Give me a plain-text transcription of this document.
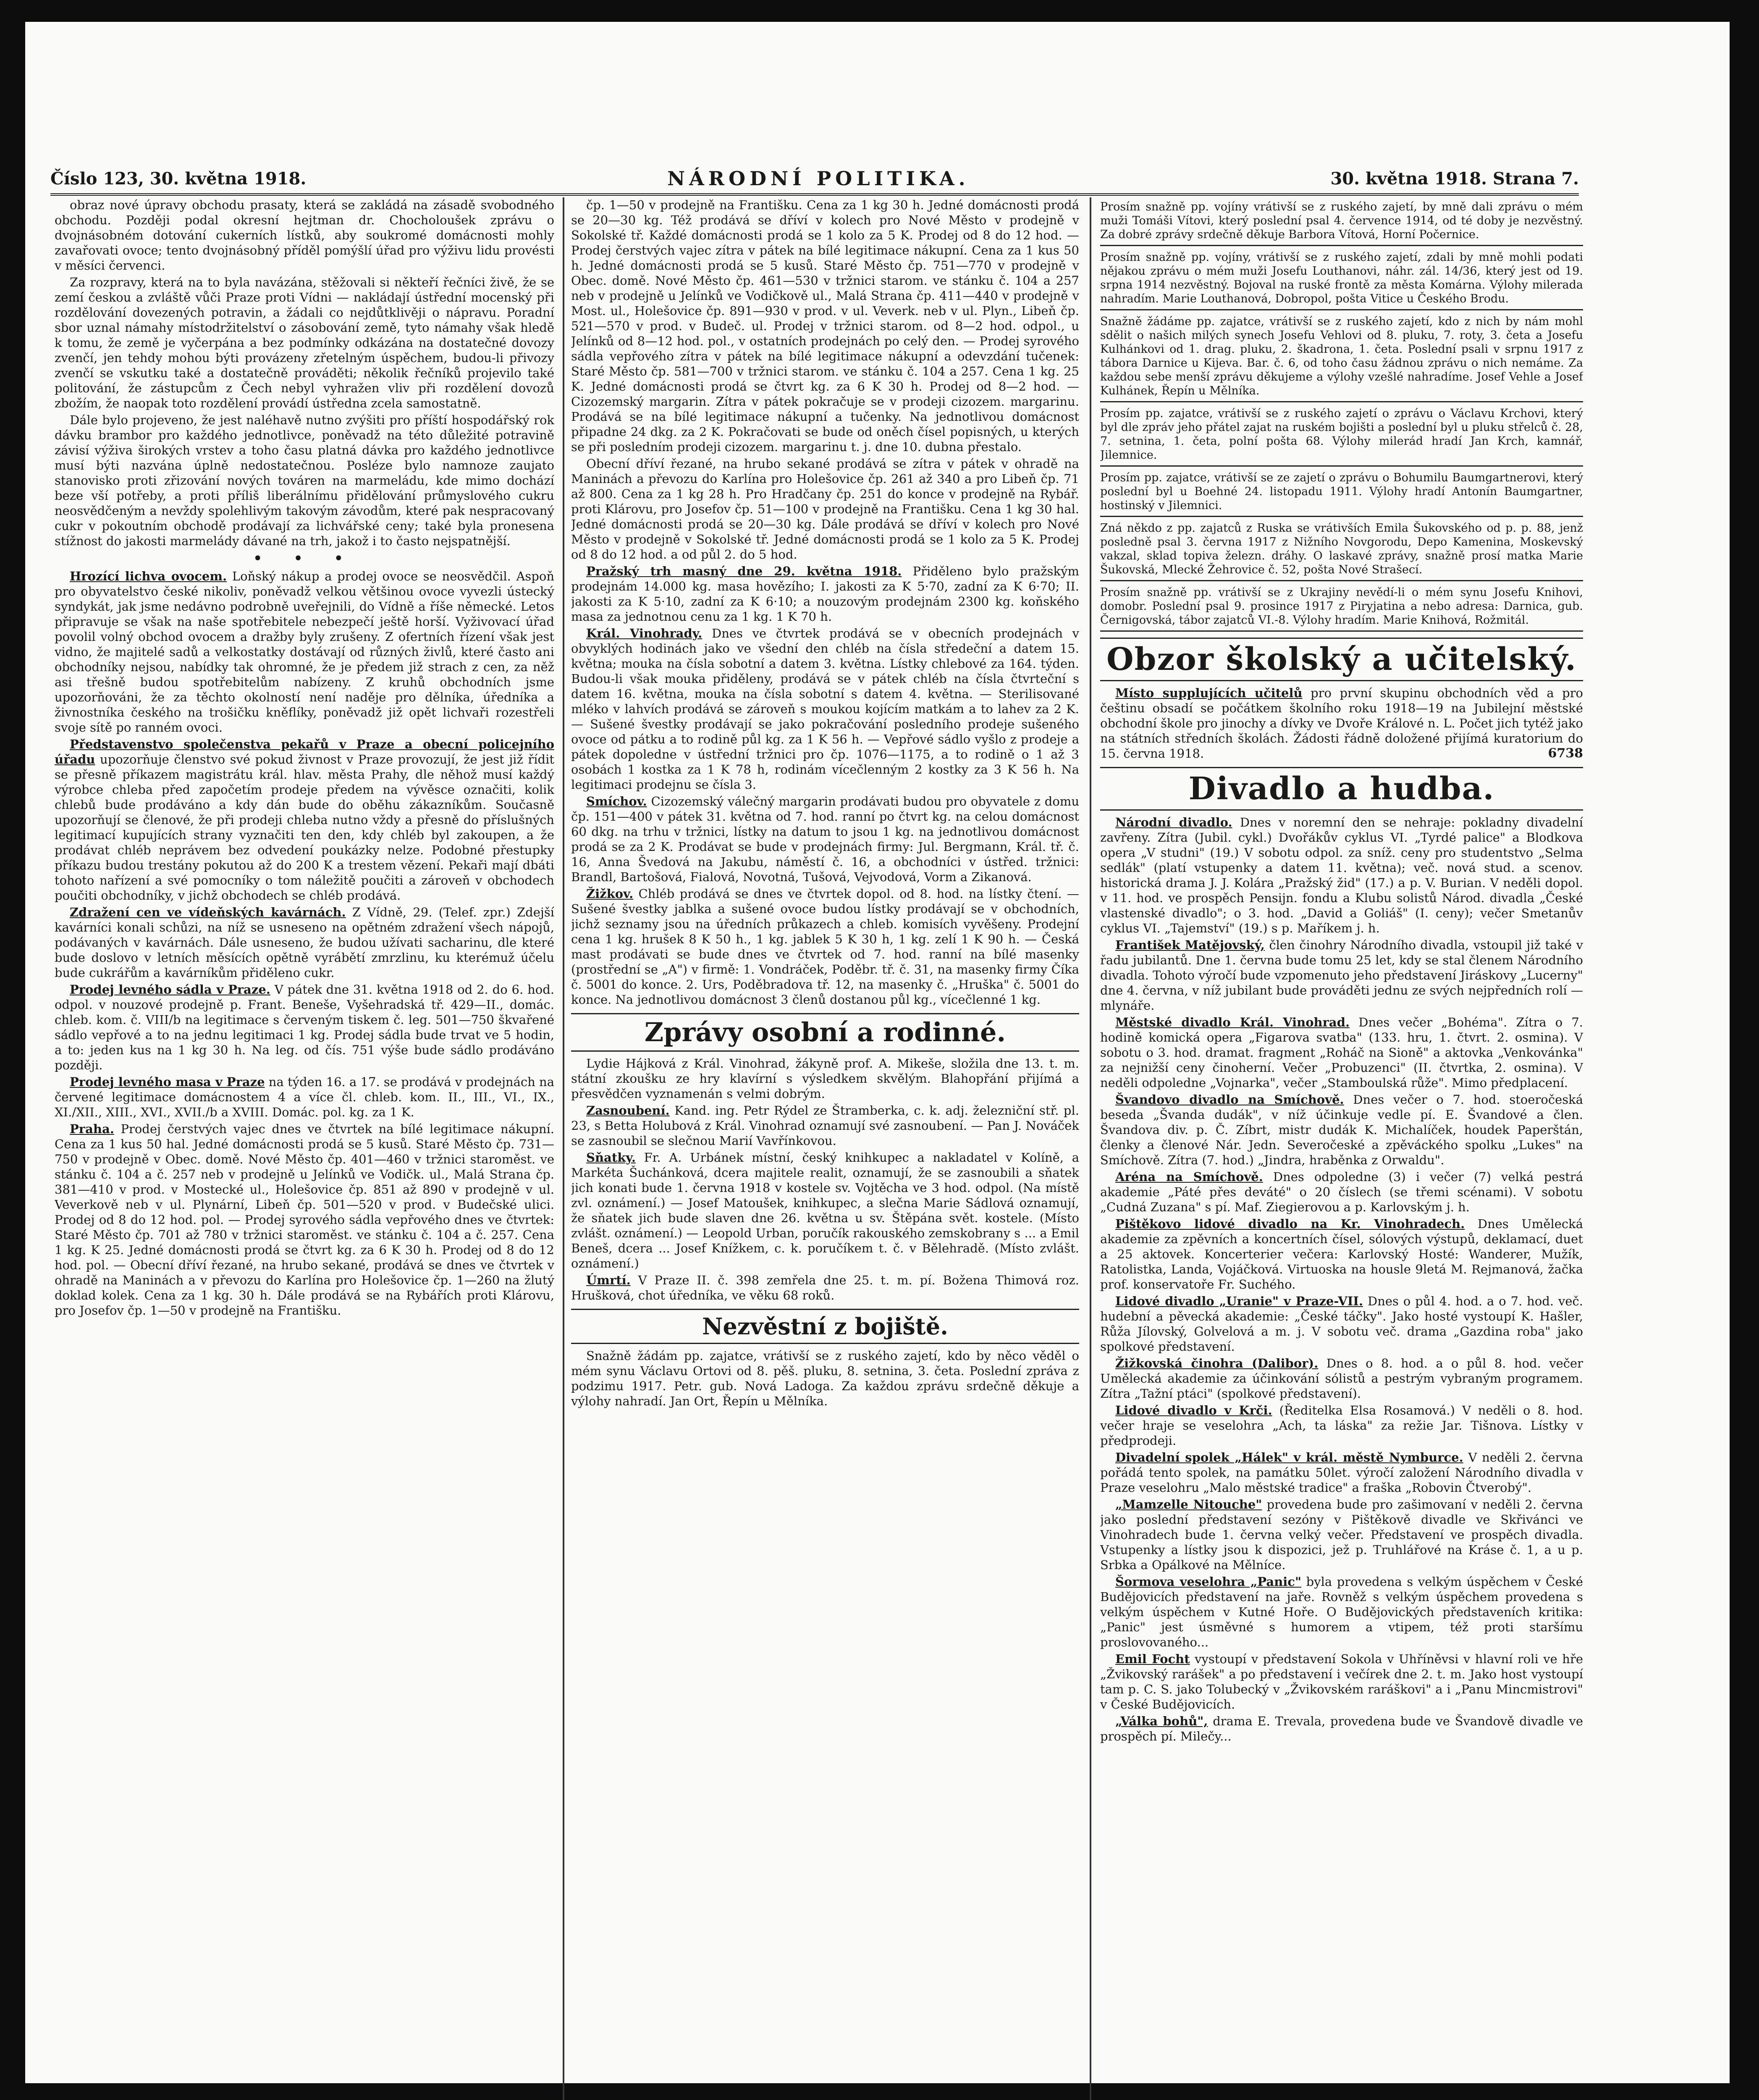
Číslo 123, 30. května 1918.	NÁRODNÍ POLITIKA.	30. května 1918. Strana 7.

obraz nové úpravy obchodu prasaty, která se zakládá na zásadě svobodného obchodu. Později podal okresní hejtman dr. Chocholoušek zprávu o dvojnásobném dotování cukerních lístků, aby soukromé domácnosti mohly zavařovati ovoce; tento dvojnásobný příděl pomýšlí úřad pro výživu lidu provésti v měsíci červenci.

Za rozpravy, která na to byla navázána, stěžovali si někteří řečníci živě, že se zemí českou a zvláště vůči Praze proti Vídni — nakládají ústřední mocenský při rozdělování dovezených potravin, a žádali co nejdůtklivěji o nápravu. Poradní sbor uznal námahy místodržitelství o zásobování země, tyto námahy však hledě k tomu, že země je vyčerpána a bez podmínky odkázána na dostatečné dovozy zvenčí, jen tehdy mohou býti provázeny zřetelným úspěchem, budou-li přivozy zvenčí se vskutku také a dostatečně prováděti; několik řečníků projevilo také politování, že zástupcům z Čech nebyl vyhražen vliv při rozdělení dovozů zbožím, že naopak toto rozdělení provádí ústředna zcela samostatně.

Dále bylo projeveno, že jest naléhavě nutno zvýšiti pro příští hospodářský rok dávku brambor pro každého jednotlivce, poněvadž na této důležité potravině závisí výživa širokých vrstev a toho času platná dávka pro každého jednotlivce musí býti nazvána úplně nedostatečnou. Posléze bylo namnoze zaujato stanovisko proti zřizování nových továren na marmeládu, kde mimo dochází beze vší potřeby, a proti příliš liberálnímu přidělování průmyslového cukru neosvědčeným a nevždy spolehlivým takovým závodům, které pak nespracovaný cukr v pokoutním obchodě prodávají za lichvářské ceny; také byla pronesena stížnost do jakosti marmelády dávané na trh, jakož i to často nejspatnější.

• • •

Hrozící lichva ovocem. Loňský nákup a prodej ovoce se neosvědčil. Aspoň pro obyvatelstvo české nikoliv, poněvadž velkou většinou ovoce vyvezli ústecký syndykát, jak jsme nedávno podrobně uveřejnili, do Vídně a říše německé. Letos připravuje se však na naše spotřebitele nebezpečí ještě horší. Vyživovací úřad povolil volný obchod ovocem a dražby byly zrušeny. Z ofertních řízení však jest vidno, že majitelé sadů a velkostatky dostávají od různých živlů, které často ani obchodníky nejsou, nabídky tak ohromné, že je předem již strach z cen, za něž asi třešně budou spotřebitelům nabízeny. Z kruhů obchodních jsme upozorňováni, že za těchto okolností není naděje pro dělníka, úředníka a živnostníka českého na trošičku kněflíky, poněvadž již opět lichvaři rozestřeli svoje sítě po ranném ovoci.

Představenstvo společenstva pekařů v Praze a obecní policejního úřadu upozorňuje členstvo své pokud živnost v Praze provozují, že jest již řídit se přesně příkazem magistrátu král. hlav. města Prahy, dle něhož musí každý výrobce chleba před započetím prodeje předem na vývěsce označiti, kolik chlebů bude prodáváno a kdy dán bude do oběhu zákazníkům. Současně upozorňují se členové, že při prodeji chleba nutno vždy a přesně do příslušných legitimací kupujících strany vyznačiti ten den, kdy chléb byl zakoupen, a že prodávat chléb neprávem bez odvedení poukázky nelze. Podobné přestupky příkazu budou trestány pokutou až do 200 K a trestem vězení. Pekaři mají dbáti tohoto nařízení a své pomocníky o tom náležitě poučiti a zároveň v obchodech poučiti obchodníky, v jichž obchodech se chléb prodává.

Zdražení cen ve vídeňských kavárnách. Z Vídně, 29. (Telef. zpr.) Zdejší kavárníci konali schůzi, na níž se usneseno na opětném zdražení všech nápojů, podávaných v kavárnách. Dále usneseno, že budou užívati sacharinu, dle které bude doslovo v letních měsících opětně vyrábětí zmrzlinu, ku kterémuž účelu bude cukrářům a kavárníkům přiděleno cukr.

Prodej levného sádla v Praze. V pátek dne 31. května 1918 od 2. do 6. hod. odpol. v nouzové prodejně p. Frant. Beneše, Vyšehradská tř. 429—II., domác. chleb. kom. č. VIII/b na legitimace s červeným tiskem č. leg. 501—750 škvařené sádlo vepřové a to na jednu legitimaci 1 kg. Prodej sádla bude trvat ve 5 hodin, a to: jeden kus na 1 kg 30 h. Na leg. od čís. 751 výše bude sádlo prodáváno později.

Prodej levného masa v Praze na týden 16. a 17. se prodává v prodejnách na červené legitimace domácnostem 4 a více čl. chleb. kom. II., III., VI., IX., XI./XII., XIII., XVI., XVII./b a XVIII. Domác. pol. kg. za 1 K.

Praha. Prodej čerstvých vajec dnes ve čtvrtek na bílé legitimace nákupní. Cena za 1 kus 50 hal. Jedné domácnosti prodá se 5 kusů. Staré Město čp. 731—750 v prodejně v Obec. domě. Nové Město čp. 401—460 v tržnici staroměst. ve stánku č. 104 a č. 257 neb v prodejně u Jelínků ve Vodičk. ul., Malá Strana čp. 381—410 v prod. v Mostecké ul., Holešovice čp. 851 až 890 v prodejně v ul. Veverkově neb v ul. Plynární, Libeň čp. 501—520 v prod. v Budečské ulici. Prodej od 8 do 12 hod. pol. — Prodej syrového sádla vepřového dnes ve čtvrtek: Staré Město čp. 701 až 780 v tržnici staroměst. ve stánku č. 104 a č. 257. Cena 1 kg. K 25. Jedné domácnosti prodá se čtvrt kg. za 6 K 30 h. Prodej od 8 do 12 hod. pol. — Obecní dříví řezané, na hrubo sekané, prodává se dnes ve čtvrtek v ohradě na Maninách a v převozu do Karlína pro Holešovice čp. 1—260 na žlutý doklad kolek. Cena za 1 kg. 30 h. Dále prodává se na Rybářích proti Klárovu, pro Josefov čp. 1—50 v prodejně na Františku.

čp. 1—50 v prodejně na Františku. Cena za 1 kg 30 h. Jedné domácnosti prodá se 20—30 kg. Též prodává se dříví v kolech pro Nové Město v prodejně v Sokolské tř. Každé domácnosti prodá se 1 kolo za 5 K. Prodej od 8 do 12 hod. — Prodej čerstvých vajec zítra v pátek na bílé legitimace nákupní. Cena za 1 kus 50 h. Jedné domácnosti prodá se 5 kusů. Staré Město čp. 751—770 v prodejně v Obec. domě. Nové Město čp. 461—530 v tržnici starom. ve stánku č. 104 a 257 neb v prodejně u Jelínků ve Vodičkově ul., Malá Strana čp. 411—440 v prodejně v Most. ul., Holešovice čp. 891—930 v prod. v ul. Veverk. neb v ul. Plyn., Libeň čp. 521—570 v prod. v Budeč. ul. Prodej v tržnici starom. od 8—2 hod. odpol., u Jelínků od 8—12 hod. pol., v ostatních prodejnách po celý den. — Prodej syrového sádla vepřového zítra v pátek na bílé legitimace nákupní a odevzdání tučenek: Staré Město čp. 581—700 v tržnici starom. ve stánku č. 104 a 257. Cena 1 kg. 25 K. Jedné domácnosti prodá se čtvrt kg. za 6 K 30 h. Prodej od 8—2 hod. — Cizozemský margarin. Zítra v pátek pokračuje se v prodeji cizozem. margarinu. Prodává se na bílé legitimace nákupní a tučenky. Na jednotlivou domácnost připadne 24 dkg. za 2 K. Pokračovati se bude od oněch čísel popisných, u kterých se při posledním prodeji cizozem. margarinu t. j. dne 10. dubna přestalo.

Obecní dříví řezané, na hrubo sekané prodává se zítra v pátek v ohradě na Maninách a převozu do Karlína pro Holešovice čp. 261 až 340 a pro Libeň čp. 71 až 800. Cena za 1 kg 28 h. Pro Hradčany čp. 251 do konce v prodejně na Rybář. proti Klárovu, pro Josefov čp. 51—100 v prodejně na Františku. Cena 1 kg 30 hal. Jedné domácnosti prodá se 20—30 kg. Dále prodává se dříví v kolech pro Nové Město v prodejně v Sokolské tř. Jedné domácnosti prodá se 1 kolo za 5 K. Prodej od 8 do 12 hod. a od půl 2. do 5 hod.

Pražský trh masný dne 29. května 1918. Přiděleno bylo pražským prodejnám 14.000 kg. masa hovězího; I. jakosti za K 5·70, zadní za K 6·70; II. jakosti za K 5·10, zadní za K 6·10; a nouzovým prodejnám 2300 kg. koňského masa za jednotnou cenu za 1 kg. 1 K 70 h.

Král. Vinohrady. Dnes ve čtvrtek prodává se v obecních prodejnách v obvyklých hodinách jako ve všední den chléb na čísla středeční a datem 15. května; mouka na čísla sobotní a datem 3. května. Lístky chlebové za 164. týden. Budou-li však mouka přiděleny, prodává se v pátek chléb na čísla čtvrteční s datem 16. května, mouka na čísla sobotní s datem 4. května. — Sterilisované mléko v lahvích prodává se zároveň s moukou kojícím matkám a to lahev za 2 K. — Sušené švestky prodávají se jako pokračování posledního prodeje sušeného ovoce od pátku a to rodině půl kg. za 1 K 56 h. — Vepřové sádlo vyšlo z prodeje a pátek dopoledne v ústřední tržnici pro čp. 1076—1175, a to rodině o 1 až 3 osobách 1 kostka za 1 K 78 h, rodinám vícečlenným 2 kostky za 3 K 56 h. Na legitimaci prodejnu se čísla 3.

Smíchov. Cizozemský válečný margarin prodávati budou pro obyvatele z domu čp. 151—400 v pátek 31. května od 7. hod. ranní po čtvrt kg. na celou domácnost 60 dkg. na trhu v tržnici, lístky na datum to jsou 1 kg. na jednotlivou domácnost prodá se za 2 K. Prodávat se bude v prodejnách firmy: Jul. Bergmann, Král. tř. č. 16, Anna Švedová na Jakubu, náměstí č. 16, a obchodníci v ústřed. tržnici: Brandl, Bartošová, Fialová, Novotná, Tušová, Vejvodová, Vorm a Zikanová.

Žižkov. Chléb prodává se dnes ve čtvrtek dopol. od 8. hod. na lístky čtení. — Sušené švestky jablka a sušené ovoce budou lístky prodávají se v obchodních, jichž seznamy jsou na úředních průkazech a chleb. komisích vyvěšeny. Prodejní cena 1 kg. hrušek 8 K 50 h., 1 kg. jablek 5 K 30 h, 1 kg. zelí 1 K 90 h. — Česká mast prodávati se bude dnes ve čtvrtek od 7. hod. ranní na bílé masenky (prostřední se „A") v firmě: 1. Vondráček, Poděbr. tř. č. 31, na masenky firmy Číka č. 5001 do konce. 2. Urs, Poděbradova tř. 12, na masenky č. „Hruška" č. 5001 do konce. Na jednotlivou domácnost 3 členů dostanou půl kg., vícečlenné 1 kg.

Zprávy osobní a rodinné.

Lydie Hájková z Král. Vinohrad, žákyně prof. A. Mikeše, složila dne 13. t. m. státní zkoušku ze hry klavírní s výsledkem skvělým. Blahopřání přijímá a přesvědčen vyznamenán s velmi dobrým.

Zasnoubení. Kand. ing. Petr Rýdel ze Štramberka, c. k. adj. železniční stř. pl. 23, s Betta Holubová z Král. Vinohrad oznamují své zasnoubení. — Pan J. Nováček se zasnoubil se slečnou Marií Vavřínkovou.

Sňatky. Fr. A. Urbánek místní, český knihkupec a nakladatel v Kolíně, a Markéta Šuchánková, dcera majitele realit, oznamují, že se zasnoubili a sňatek jich konati bude 1. června 1918 v kostele sv. Vojtěcha ve 3 hod. odpol. (Na místě zvl. oznámení.) — Josef Matoušek, knihkupec, a slečna Marie Sádlová oznamují, že sňatek jich bude slaven dne 26. května u sv. Štěpána svět. kostele. (Místo zvlášt. oznámení.) — Leopold Urban, poručík rakouského zemskobrany s ... a Emil Beneš, dcera ... Josef Knížkem, c. k. poručíkem t. č. v Bělehradě. (Místo zvlášt. oznámení.)

Úmrtí. V Praze II. č. 398 zemřela dne 25. t. m. pí. Božena Thimová roz. Hrušková, chot úředníka, ve věku 68 roků.

Nezvěstní z bojiště.

Snažně žádám pp. zajatce, vrátivší se z ruského zajetí, kdo by něco věděl o mém synu Václavu Ortovi od 8. pěš. pluku, 8. setnina, 3. četa. Poslední zpráva z podzimu 1917. Petr. gub. Nová Ladoga. Za každou zprávu srdečně děkuje a výlohy nahradí. Jan Ort, Řepín u Mělníka.

Prosím snažně pp. vojíny vrátivší se z ruského zajetí, by mně dali zprávu o mém muži Tomáši Vítovi, který poslední psal 4. července 1914, od té doby je nezvěstný. Za dobré zprávy srdečně děkuje Barbora Vítová, Horní Počernice.
Prosím snažně pp. vojíny, vrátivší se z ruského zajetí, zdali by mně mohli podati nějakou zprávu o mém muži Josefu Louthanovi, náhr. zál. 14/36, který jest od 19. srpna 1914 nezvěstný. Bojoval na ruské frontě za města Komárna. Výlohy milerada nahradím. Marie Louthanová, Dobropol, pošta Vitice u Českého Brodu.
Snažně žádáme pp. zajatce, vrátivší se z ruského zajetí, kdo z nich by nám mohl sdělit o našich milých synech Josefu Vehlovi od 8. pluku, 7. roty, 3. četa a Josefu Kulhánkovi od 1. drag. pluku, 2. škadrona, 1. četa. Poslední psali v srpnu 1917 z tábora Darnice u Kijeva. Bar. č. 6, od toho času žádnou zprávu o nich nemáme. Za každou sebe menší zprávu děkujeme a výlohy vzešlé nahradíme. Josef Vehle a Josef Kulhánek, Řepín u Mělníka.
Prosím pp. zajatce, vrátivší se z ruského zajetí o zprávu o Václavu Krchovi, který byl dle zpráv jeho přátel zajat na ruském bojišti a poslední byl u pluku střelců č. 28, 7. setnina, 1. četa, polní pošta 68. Výlohy milerád hradí Jan Krch, kamnář, Jilemnice.
Prosím pp. zajatce, vrátivší se ze zajetí o zprávu o Bohumilu Baumgartnerovi, který poslední byl u Boehné 24. listopadu 1911. Výlohy hradí Antonín Baumgartner, hostinský v Jilemnici.
Zná někdo z pp. zajatců z Ruska se vrátivších Emila Šukovského od p. p. 88, jenž posledně psal 3. června 1917 z Nižního Novgorodu, Depo Kamenina, Moskevský vakzal, sklad topiva železn. dráhy. O laskavé zprávy, snažně prosí matka Marie Šukovská, Mlecké Žehrovice č. 52, pošta Nové Strašecí.
Prosím snažně pp. vrátivší se z Ukrajiny nevědí-li o mém synu Josefu Knihovi, domobr. Poslední psal 9. prosince 1917 z Piryjatina a nebo adresa: Darnica, gub. Černigovská, tábor zajatců VI.-8. Výlohy hradím. Marie Knihová, Rožmitál.
Obzor školský a učitelský.

Místo supplujících učitelů pro první skupinu obchodních věd a pro češtinu obsadí se počátkem školního roku 1918—19 na Jubilejní městské obchodní škole pro jinochy a dívky ve Dvoře Králové n. L. Počet jich tytéž jako na státních středních školách. Žádosti řádně doložené přijímá kuratorium do 15. června 1918.	6738

Divadlo a hudba.

Národní divadlo. Dnes v noremní den se nehraje: pokladny divadelní zavřeny. Zítra (Jubil. cykl.) Dvořákův cyklus VI. „Tyrdé palice" a Blodkova opera „V studni" (19.) V sobotu odpol. za sníž. ceny pro studentstvo „Selma sedlák" (platí vstupenky a datem 11. května); več. nová stud. a scenov. historická drama J. J. Kolára „Pražský žid" (17.) a p. V. Burian. V neděli dopol. v 11. hod. ve prospěch Pensijn. fondu a Klubu solistů Národ. divadla „České vlastenské divadlo"; o 3. hod. „David a Goliáš" (I. ceny); večer Smetanův cyklus VI. „Tajemství" (19.) s p. Maříkem j. h.

František Matějovský, člen činohry Národního divadla, vstoupil již také v řadu jubilantů. Dne 1. června bude tomu 25 let, kdy se stal členem Národního divadla. Tohoto výročí bude vzpomenuto jeho představení Jiráskovy „Lucerny" dne 4. června, v níž jubilant bude prováděti jednu ze svých nejpředních rolí — mlynáře.

Městské divadlo Král. Vinohrad. Dnes večer „Bohéma". Zítra o 7. hodině komická opera „Figarova svatba" (133. hru, 1. čtvrt. 2. osmina). V sobotu o 3. hod. dramat. fragment „Roháč na Sioně" a aktovka „Venkovánka" za nejnižší ceny činoherní. Večer „Probuzenci" (II. čtvrtka, 2. osmina). V neděli odpoledne „Vojnarka", večer „Stamboulská růže". Mimo předplacení.

Švandovo divadlo na Smíchově. Dnes večer o 7. hod. stoeročeská beseda „Švanda dudák", v níž účinkuje vedle pí. E. Švandové a člen. Švandova div. p. Č. Zíbrt, mistr dudák K. Michalíček, houdek Paperštán, členky a členové Nár. Jedn. Severočeské a zpěváckého spolku „Lukes" na Smíchově. Zítra (7. hod.) „Jindra, hraběnka z Orwaldu".

Aréna na Smíchově. Dnes odpoledne (3) i večer (7) velká pestrá akademie „Páté přes deváté" o 20 číslech (se třemi scénami). V sobotu „Cudná Zuzana" s pí. Maf. Ziegierovou a p. Karlovským j. h.

Pištěkovo lidové divadlo na Kr. Vinohradech. Dnes Umělecká akademie za zpěvních a koncertních čísel, sólových výstupů, deklamací, duet a 25 aktovek. Koncerterier večera: Karlovský Hosté: Wanderer, Mužík, Ratolistka, Landa, Vojáčková. Virtuoska na housle 9letá M. Rejmanová, žačka prof. konservatoře Fr. Suchého.

Lidové divadlo „Uranie" v Praze-VII. Dnes o půl 4. hod. a o 7. hod. več. hudební a pěvecká akademie: „České táčky". Jako hosté vystoupí K. Hašler, Růža Jílovský, Golvelová a m. j. V sobotu več. drama „Gazdina roba" jako spolkové představení.

Žižkovská činohra (Dalibor). Dnes o 8. hod. a o půl 8. hod. večer Umělecká akademie za účinkování sólistů a pestrým vybraným programem. Zítra „Tažní ptáci" (spolkové představení).

Lidové divadlo v Krči. (Ředitelka Elsa Rosamová.) V neděli o 8. hod. večer hraje se veselohra „Ach, ta láska" za režie Jar. Tišnova. Lístky v předprodeji.

Divadelní spolek „Hálek" v král. městě Nymburce. V neděli 2. června pořádá tento spolek, na památku 50let. výročí založení Národního divadla v Praze veselohru „Malo městské tradice" a fraška „Robovin Čtverobý".

„Mamzelle Nitouche" provedena bude pro zašimovaní v neděli 2. června jako poslední představení sezóny v Pištěkově divadle ve Skřivánci ve Vinohradech bude 1. června velký večer. Představení ve prospěch divadla. Vstupenky a lístky jsou k dispozici, jež p. Truhlářové na Kráse č. 1, a u p. Srbka a Opálkové na Mělníce.

Šormova veselohra „Panic" byla provedena s velkým úspěchem v České Budějovicích představení na jaře. Rovněž s velkým úspěchem provedena s velkým úspěchem v Kutné Hoře. O Budějovických představeních kritika: „Panic" jest úsměvné s humorem a vtipem, též proti staršímu proslovovaného...

Emil Focht vystoupí v představení Sokola v Uhříněvsi v hlavní roli ve hře „Žvikovský rarášek" a po představení i večírek dne 2. t. m. Jako host vystoupí tam p. C. S. jako Tolubecký v „Žvikovském raráškovi" a i „Panu Mincmistrovi" v České Budějovicích.

„Válka bohů", drama E. Trevala, provedena bude ve Švandově divadle ve prospěch pí. Milečy...
